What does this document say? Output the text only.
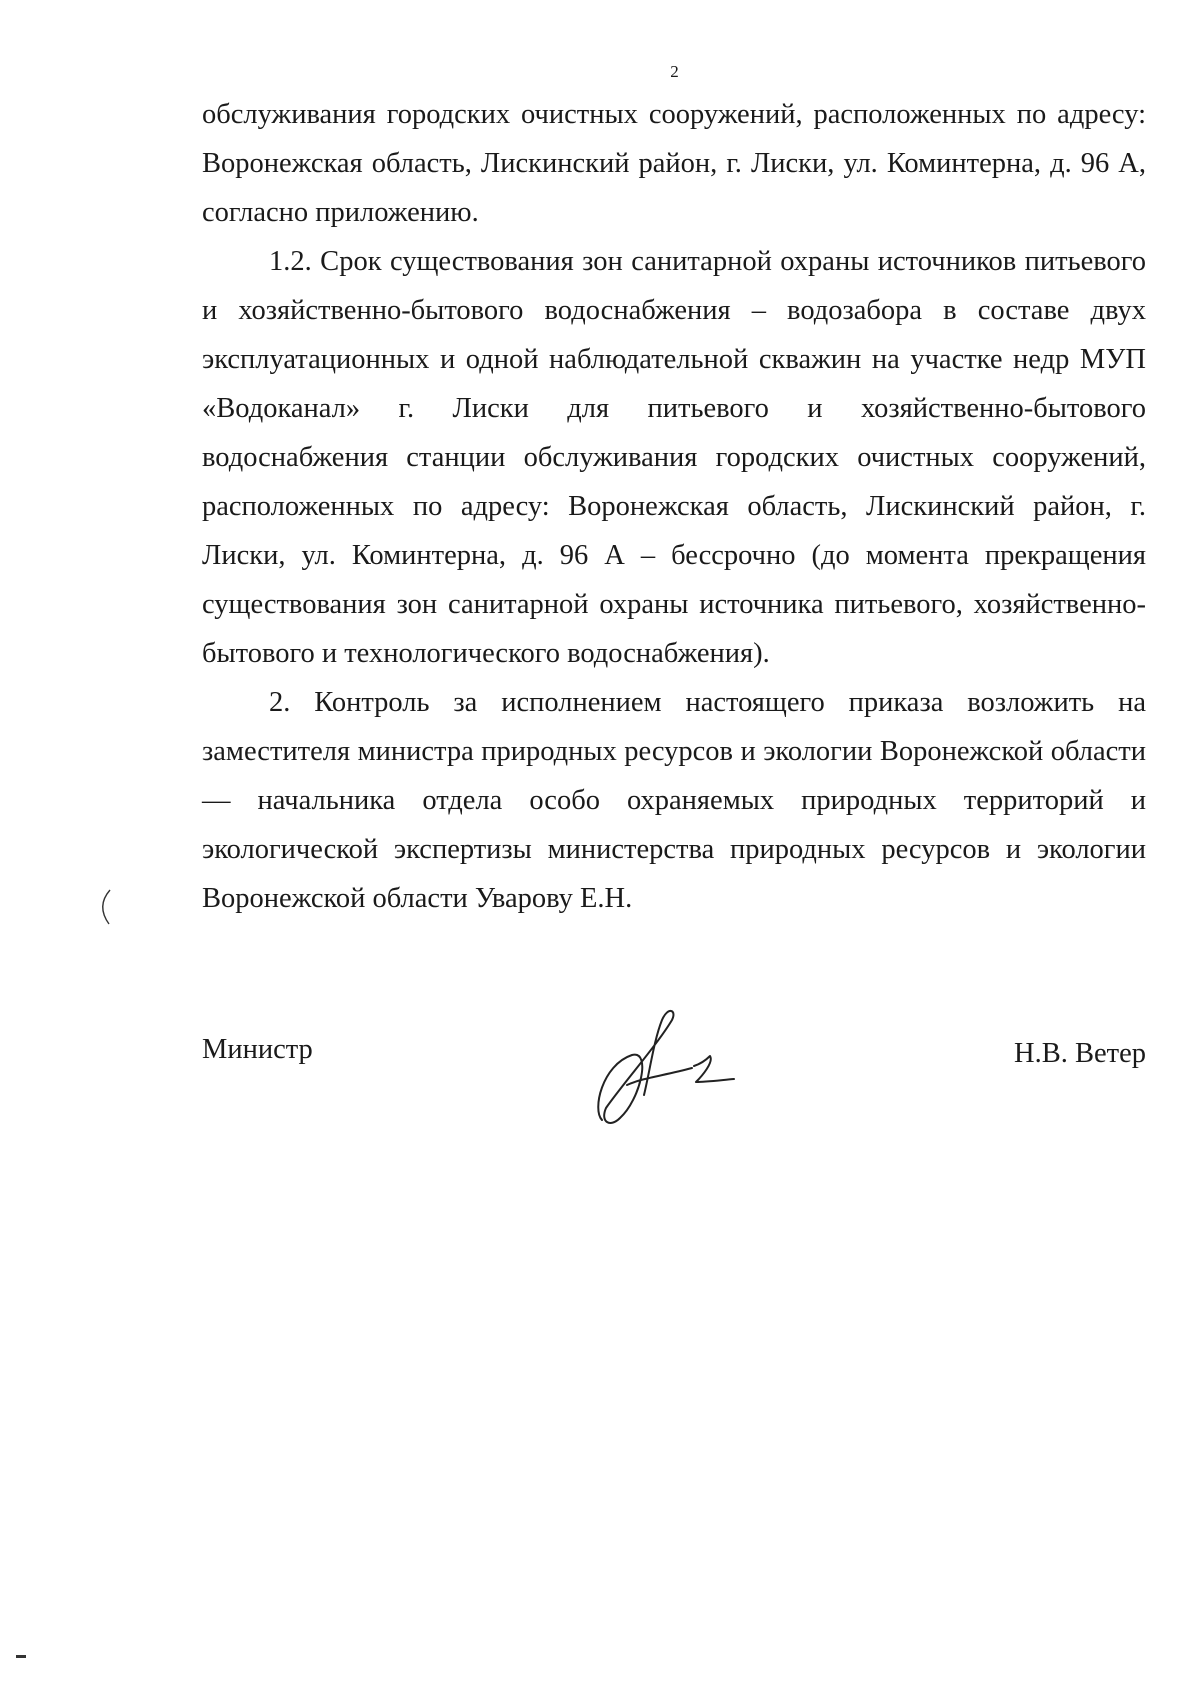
2

обслуживания городских очистных сооружений, расположенных по адресу: Воронежская область, Лискинский район, г. Лиски, ул. Коминтерна, д. 96 А, согласно приложению.

1.2. Срок существования зон санитарной охраны источников питьевого и хозяйственно-бытового водоснабжения – водозабора в составе двух эксплуатационных и одной наблюдательной скважин на участке недр МУП «Водоканал» г. Лиски для питьевого и хозяйственно-бытового водоснабжения станции обслуживания городских очистных сооружений, расположенных по адресу: Воронежская область, Лискинский район, г. Лиски, ул. Коминтерна, д. 96 А – бессрочно (до момента прекращения существования зон санитарной охраны источника питьевого, хозяйственно-бытового и технологического водоснабжения).

2. Контроль за исполнением настоящего приказа возложить на заместителя министра природных ресурсов и экологии Воронежской области — начальника отдела особо охраняемых природных территорий и экологической экспертизы министерства природных ресурсов и экологии Воронежской области Уварову Е.Н.

Министр	Н.В. Ветер
